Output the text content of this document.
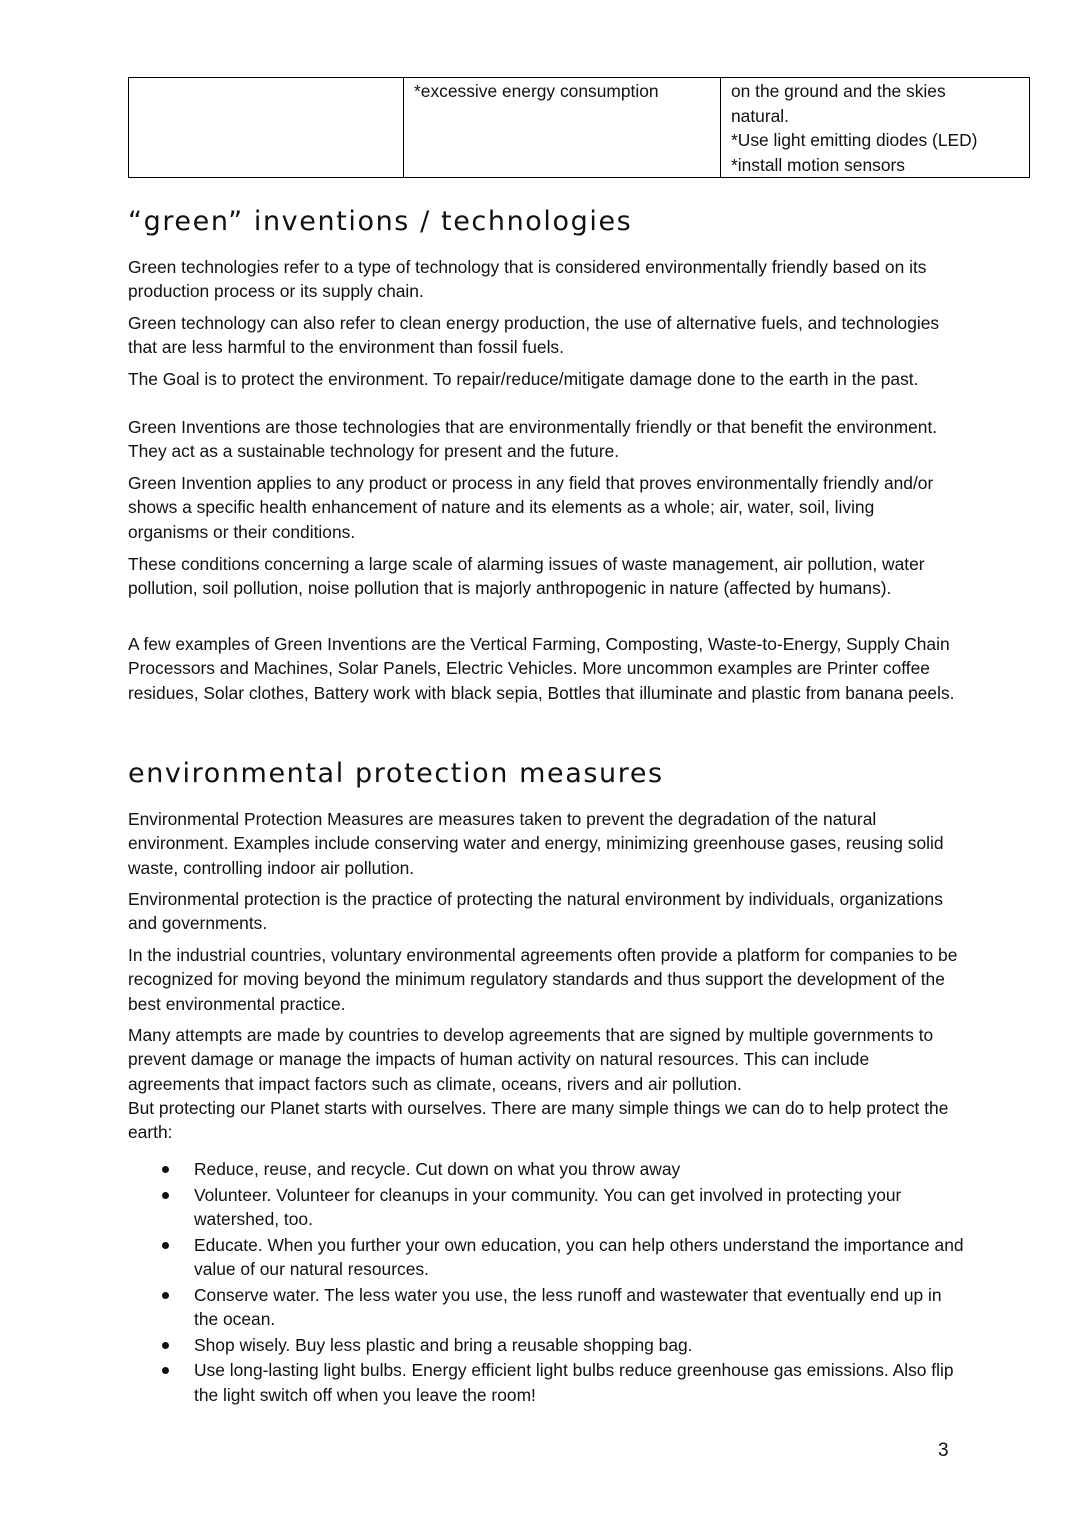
*excessive energy consumption	on the ground and the skies
natural.
*Use light emitting diodes (LED)
*install motion sensors
“green” inventions / technologies

Green technologies refer to a type of technology that is considered environmentally friendly based on its production process or its supply chain.

Green technology can also refer to clean energy production, the use of alternative fuels, and technologies that are less harmful to the environment than fossil fuels.

The Goal is to protect the environment. To repair/reduce/mitigate damage done to the earth in the past.

Green Inventions are those technologies that are environmentally friendly or that benefit the environment. They act as a sustainable technology for present and the future.

Green Invention applies to any product or process in any field that proves environmentally friendly and/or shows a specific health enhancement of nature and its elements as a whole; air, water, soil, living organisms or their conditions.

These conditions concerning a large scale of alarming issues of waste management, air pollution, water pollution, soil pollution, noise pollution that is majorly anthropogenic in nature (affected by humans).

A few examples of Green Inventions are the Vertical Farming, Composting, Waste-to-Energy, Supply Chain Processors and Machines, Solar Panels, Electric Vehicles. More uncommon examples are Printer coffee residues, Solar clothes, Battery work with black sepia, Bottles that illuminate and plastic from banana peels.

environmental protection measures

Environmental Protection Measures are measures taken to prevent the degradation of the natural environment. Examples include conserving water and energy, minimizing greenhouse gases, reusing solid waste, controlling indoor air pollution.

Environmental protection is the practice of protecting the natural environment by individuals, organizations and governments.

In the industrial countries, voluntary environmental agreements often provide a platform for companies to be recognized for moving beyond the minimum regulatory standards and thus support the development of the best environmental practice.

Many attempts are made by countries to develop agreements that are signed by multiple governments to prevent damage or manage the impacts of human activity on natural resources. This can include agreements that impact factors such as climate, oceans, rivers and air pollution.

But protecting our Planet starts with ourselves. There are many simple things we can do to help protect the earth:

Reduce, reuse, and recycle. Cut down on what you throw away
Volunteer. Volunteer for cleanups in your community. You can get involved in protecting your watershed, too.
Educate. When you further your own education, you can help others understand the importance and value of our natural resources.
Conserve water. The less water you use, the less runoff and wastewater that eventually end up in the ocean.
Shop wisely. Buy less plastic and bring a reusable shopping bag.
Use long-lasting light bulbs. Energy efficient light bulbs reduce greenhouse gas emissions. Also flip the light switch off when you leave the room!
3
